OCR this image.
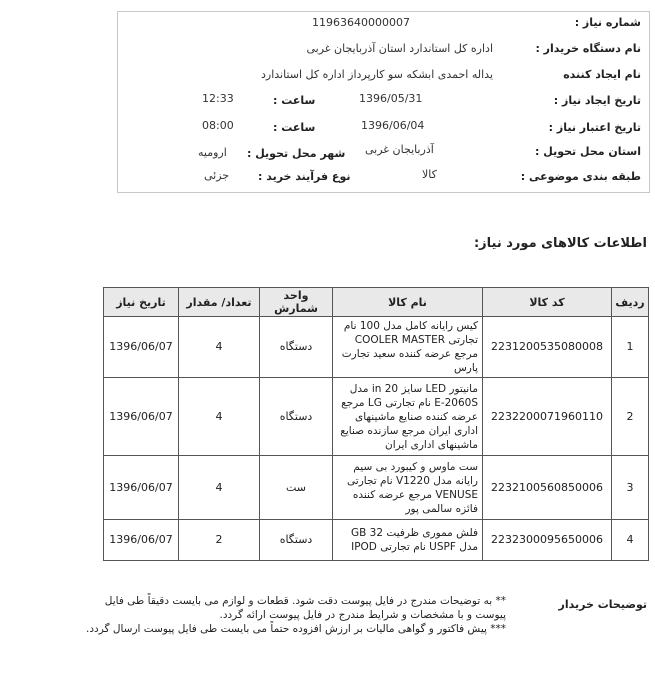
شماره نیاز :
11963640000007
نام دستگاه خریدار :
اداره کل استاندارد استان آذربایجان غربی
نام ایجاد کننده
یداله احمدی ابشکه سو کارپرداز اداره کل استاندارد
تاریخ ایجاد نیاز :
1396/05/31
ساعت :
12:33
تاریخ اعتبار نیاز :
1396/06/04
ساعت :
08:00
استان محل تحویل :
آذربایجان غربی
شهر محل تحویل :
ارومیه
طبقه بندی موضوعی :
کالا
نوع فرآیند خرید :
جزئی
اطلاعات کالاهای مورد نیاز:
ردیف	کد کالا	نام کالا	واحد شمارش	تعداد/ مقدار	تاریخ نیاز
1	2231200535080008	کیس رایانه کامل مدل 100 نام تجارتی COOLER MASTER مرجع عرضه کننده سعید تجارت پارس	دستگاه	4	1396/06/07
2	2232200071960110	مانیتور LED سایز 20 in مدل E-2060S نام تجارتی LG مرجع عرضه کننده صنایع ماشینهای اداری ایران مرجع سازنده صنایع ماشینهای اداری ایران	دستگاه	4	1396/06/07
3	2232100560850006	ست ماوس و کیبورد بی سیم رایانه مدل V1220 نام تجارتی VENUSE مرجع عرضه کننده فائزه سالمی پور	ست	4	1396/06/07
4	2232300095650006	فلش مموری ظرفیت 32 GB مدل USPF نام تجارتی IPOD	دستگاه	2	1396/06/07
توضیحات خریدار
** به توضیحات مندرج در فایل پیوست دقت شود. قطعات و لوازم می بایست دقیقاً طی فایل پیوست و با مشخصات و شرایط مندرج در فایل پیوست ارائه گردد.
*** پیش فاکتور و گواهی مالیات بر ارزش افزوده حتماً می بایست طی فایل پیوست ارسال گردد.
